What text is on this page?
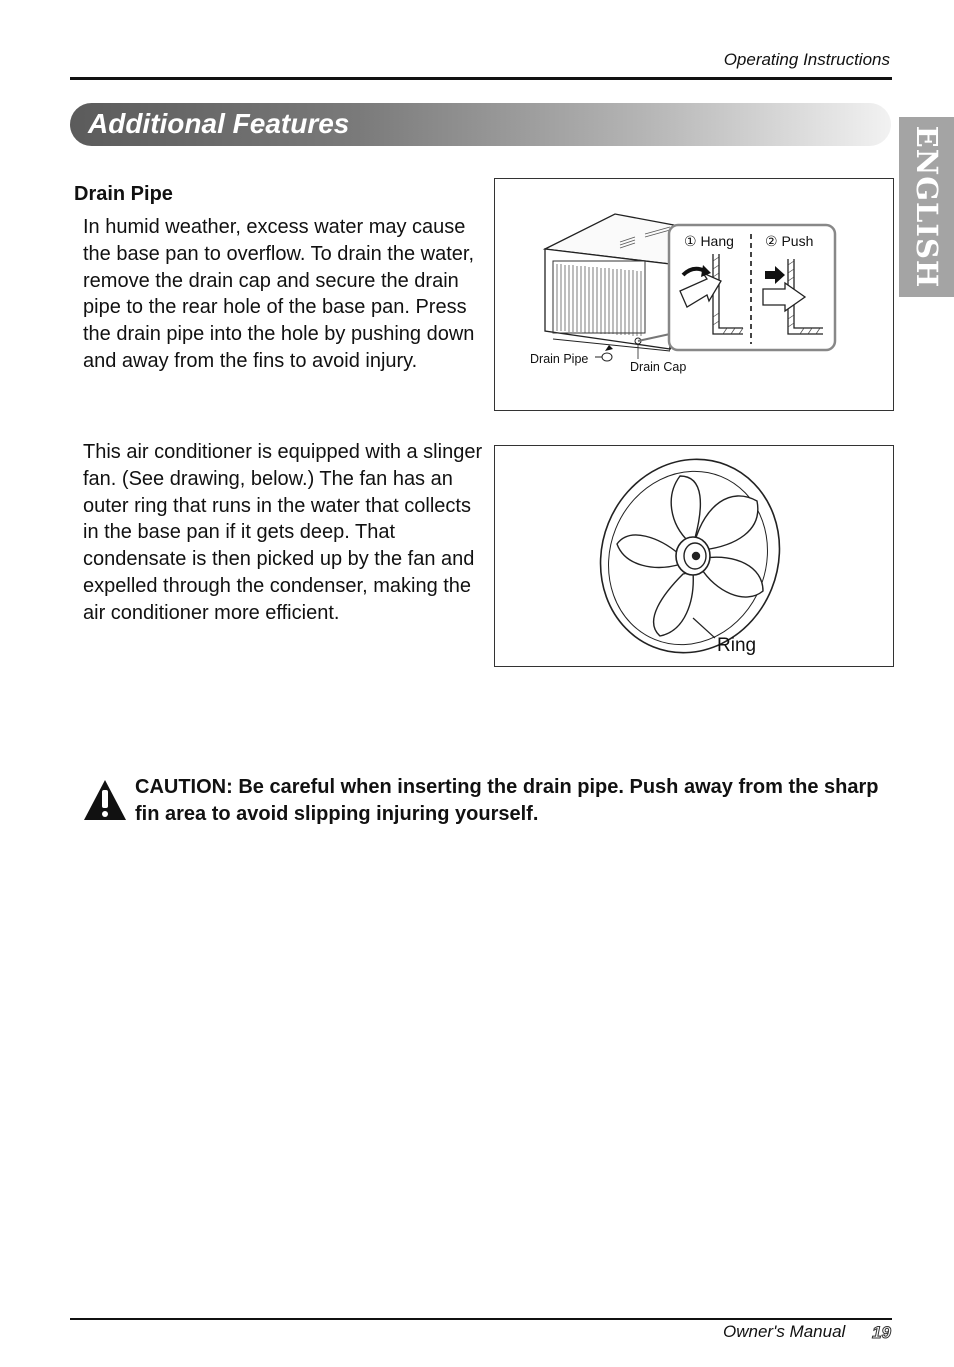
Operating Instructions
Additional Features
ENGLISH
Drain Pipe
In humid weather, excess water may cause the base pan to overflow. To drain the water, remove the drain cap and secure the drain pipe to the rear hole of the base pan. Press the drain pipe into the hole by pushing down and away from the fins to avoid injury.
This air conditioner is equipped with a slinger fan. (See drawing, below.) The fan has an outer ring that runs in the water that collects in the base pan if it gets deep. That condensate is then picked up by the fan and expelled through the condenser, making the air conditioner more efficient.
① Hang ② Push
Drain Pipe
Drain Cap
Ring
CAUTION: Be careful when inserting the drain pipe. Push away from the sharp fin area to avoid slipping injuring yourself.
Owner's Manual 19
